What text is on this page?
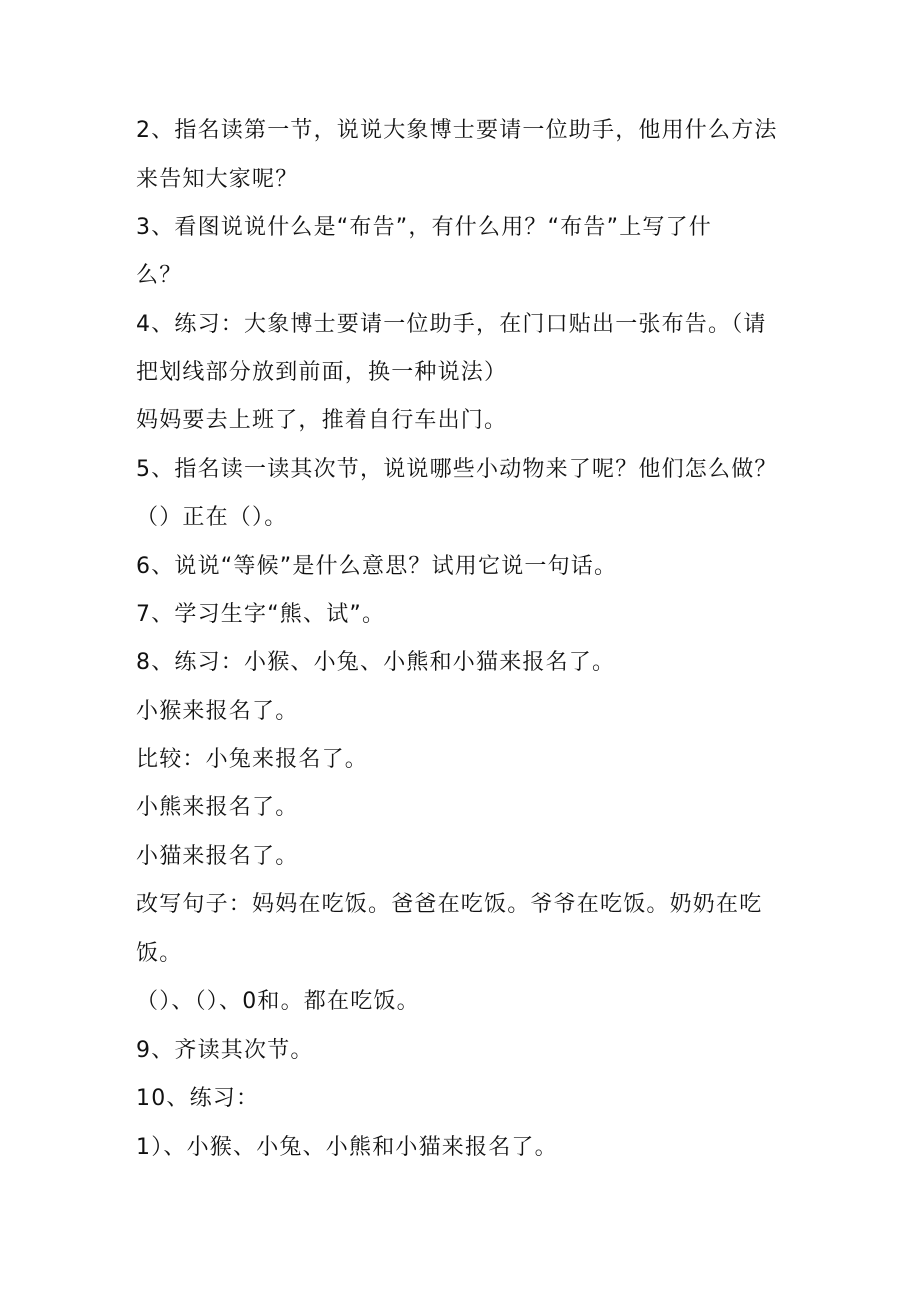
2、指名读第一节，说说大象博士要请一位助手，他用什么方法
来告知大家呢？
3、看图说说什么是“布告”，有什么用？“布告”上写了什
么？
4、练习：大象博士要请一位助手，在门口贴出一张布告。（请
把划线部分放到前面，换一种说法）
妈妈要去上班了，推着自行车出门。
5、指名读一读其次节，说说哪些小动物来了呢？他们怎么做？
（）正在（）。
6、说说“等候”是什么意思？试用它说一句话。
7、学习生字“熊、试”。
8、练习：小猴、小兔、小熊和小猫来报名了。
小猴来报名了。
比较：小兔来报名了。
小熊来报名了。
小猫来报名了。
改写句子：妈妈在吃饭。爸爸在吃饭。爷爷在吃饭。奶奶在吃
饭。
（）、（）、0和。都在吃饭。
9、齐读其次节。
10、练习：
1）、小猴、小兔、小熊和小猫来报名了。
